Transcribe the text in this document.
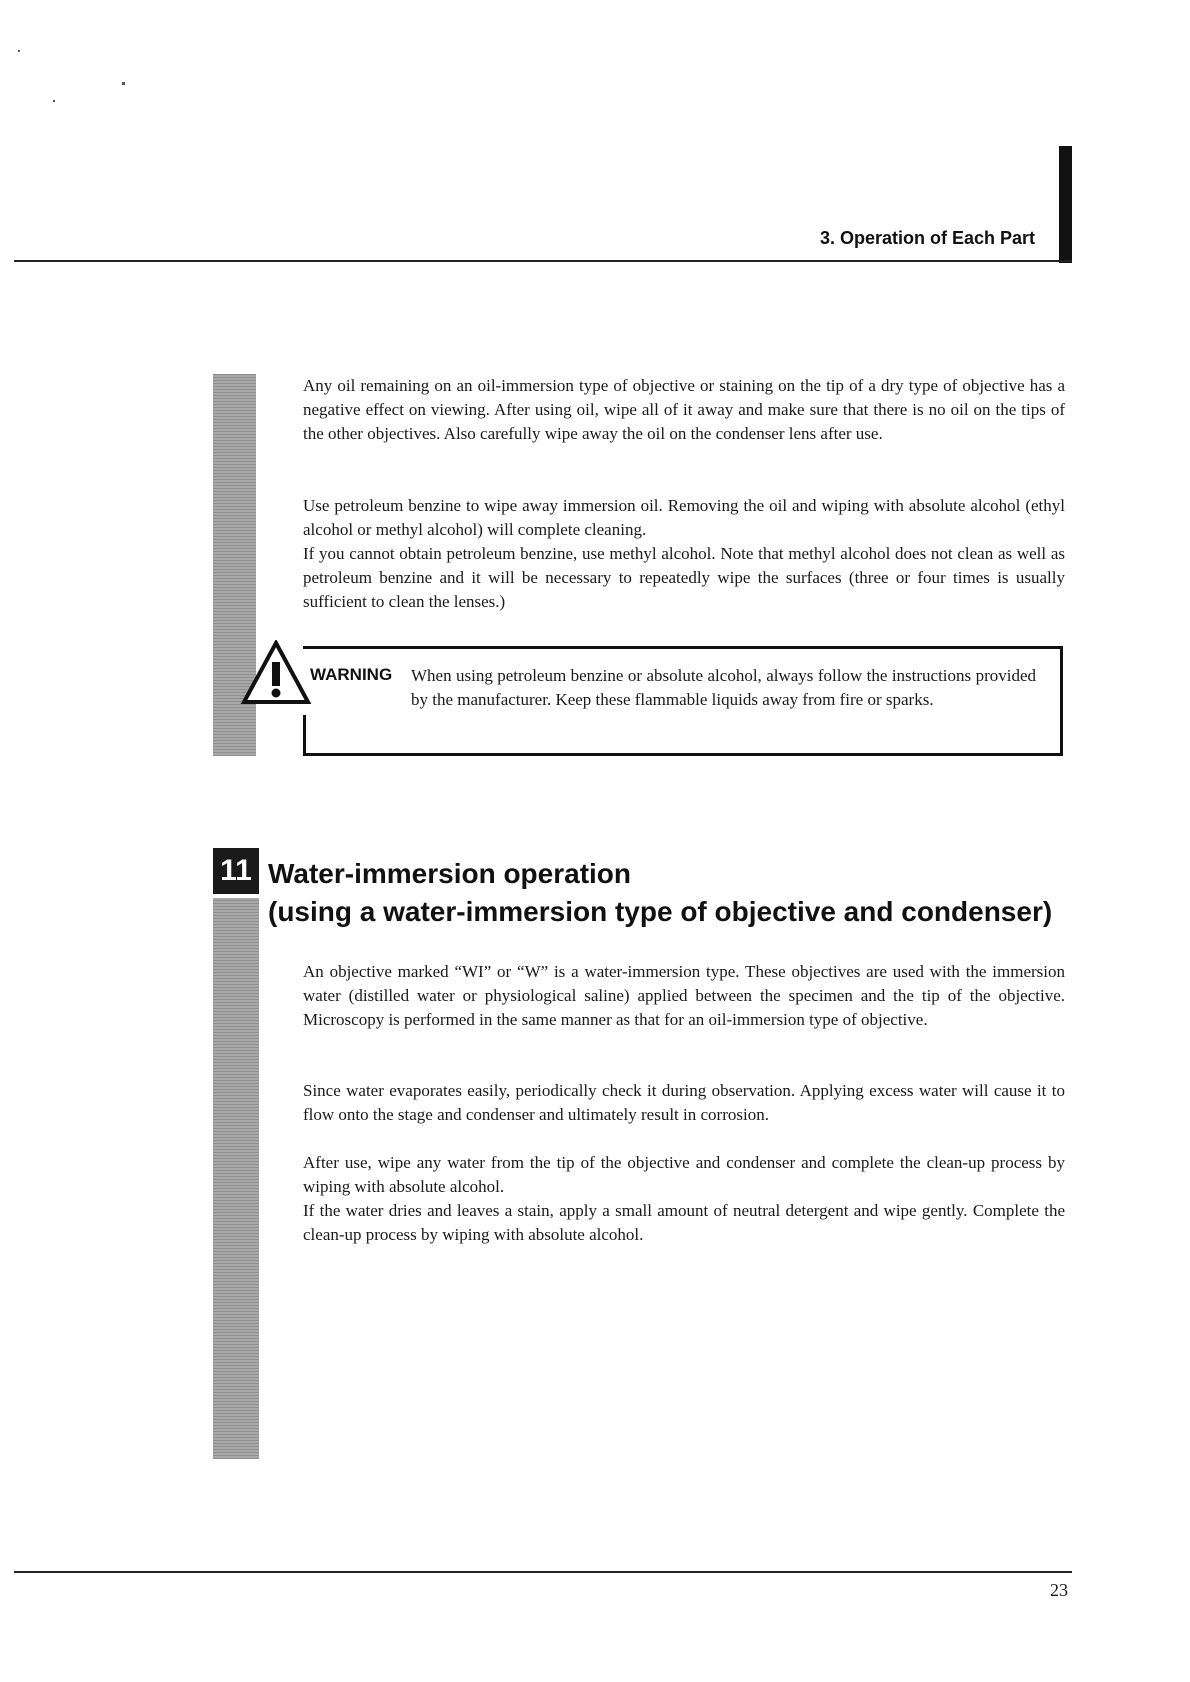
3. Operation of Each Part

Any oil remaining on an oil-immersion type of objective or staining on the tip of a dry type of objective has a negative effect on viewing. After using oil, wipe all of it away and make sure that there is no oil on the tips of the other objectives. Also carefully wipe away the oil on the condenser lens after use.

Use petroleum benzine to wipe away immersion oil. Removing the oil and wiping with absolute alcohol (ethyl alcohol or methyl alcohol) will complete cleaning.

If you cannot obtain petroleum benzine, use methyl alcohol. Note that methyl alcohol does not clean as well as petroleum benzine and it will be necessary to repeatedly wipe the surfaces (three or four times is usually sufficient to clean the lenses.)

WARNING When using petroleum benzine or absolute alcohol, always follow the instructions provided by the manufacturer. Keep these flammable liquids away from fire or sparks.

11 Water-immersion operation
(using a water-immersion type of objective and condenser)

An objective marked “WI” or “W” is a water-immersion type. These objectives are used with the immersion water (distilled water or physiological saline) applied between the specimen and the tip of the objective. Microscopy is performed in the same manner as that for an oil-immersion type of objective.

Since water evaporates easily, periodically check it during observation. Applying excess water will cause it to flow onto the stage and condenser and ultimately result in corrosion.

After use, wipe any water from the tip of the objective and condenser and complete the clean-up process by wiping with absolute alcohol.

If the water dries and leaves a stain, apply a small amount of neutral detergent and wipe gently. Complete the clean-up process by wiping with absolute alcohol.

23
